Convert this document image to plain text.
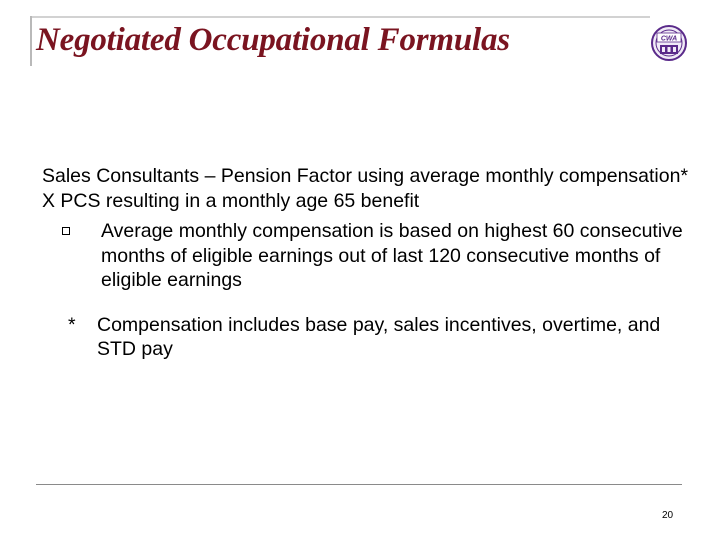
Negotiated Occupational Formulas	CWA

Sales Consultants – Pension Factor using average monthly compensation* X PCS resulting in a monthly age 65 benefit

Average monthly compensation is based on highest 60 consecutive months of eligible earnings out of last 120 consecutive months of eligible earnings
* Compensation includes base pay, sales incentives, overtime, and STD pay
20
